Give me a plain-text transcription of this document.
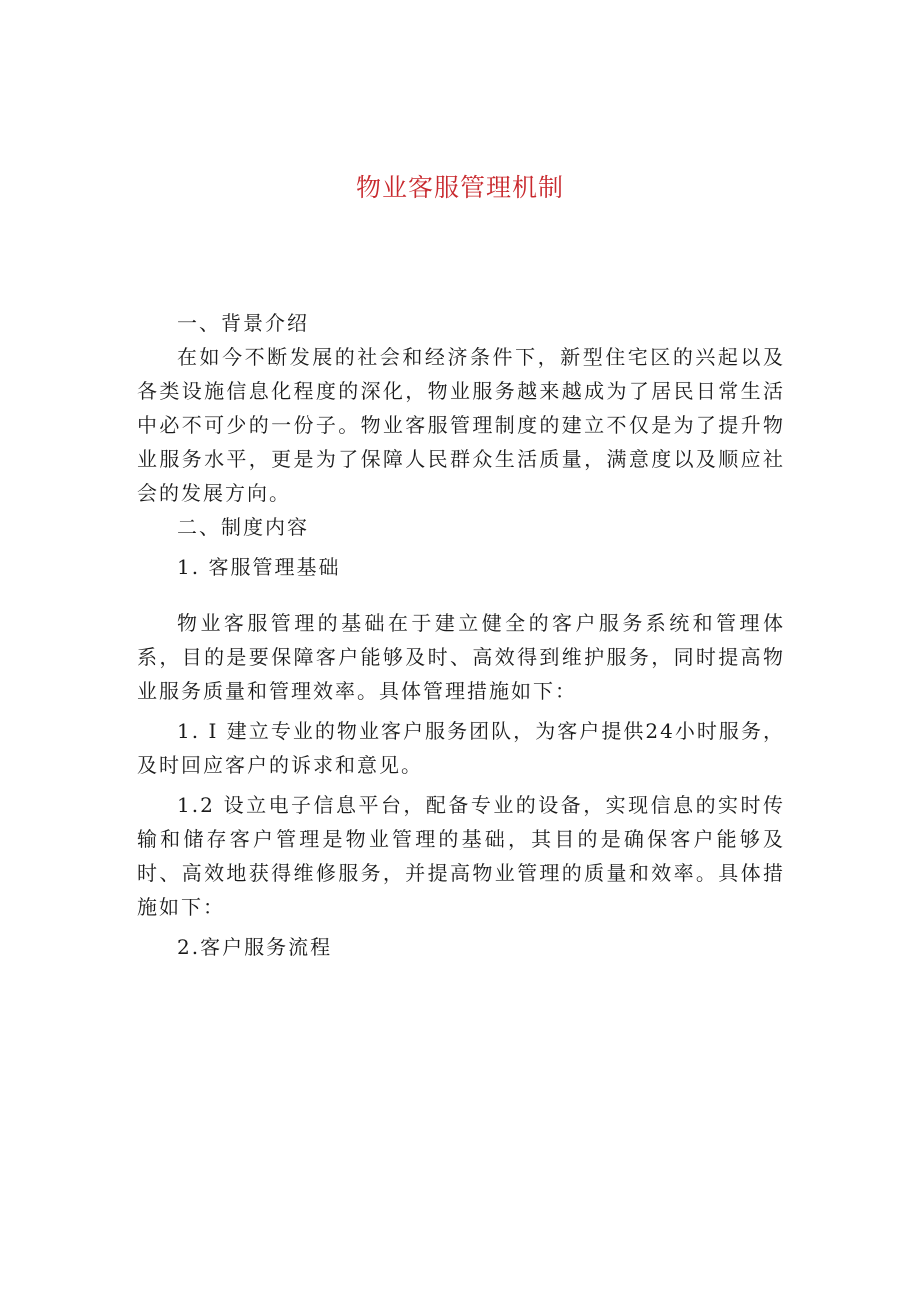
物业客服管理机制

一、背景介绍

在如今不断发展的社会和经济条件下，新型住宅区的兴起以及各类设施信息化程度的深化，物业服务越来越成为了居民日常生活中必不可少的一份子。物业客服管理制度的建立不仅是为了提升物业服务水平，更是为了保障人民群众生活质量，满意度以及顺应社会的发展方向。

二、制度内容

1. 客服管理基础

物业客服管理的基础在于建立健全的客户服务系统和管理体系，目的是要保障客户能够及时、高效得到维护服务，同时提高物业服务质量和管理效率。具体管理措施如下：

1. I 建立专业的物业客户服务团队，为客户提供24小时服务，及时回应客户的诉求和意见。

1.2 设立电子信息平台，配备专业的设备，实现信息的实时传输和储存客户管理是物业管理的基础，其目的是确保客户能够及时、高效地获得维修服务，并提高物业管理的质量和效率。具体措施如下：

2.客户服务流程
